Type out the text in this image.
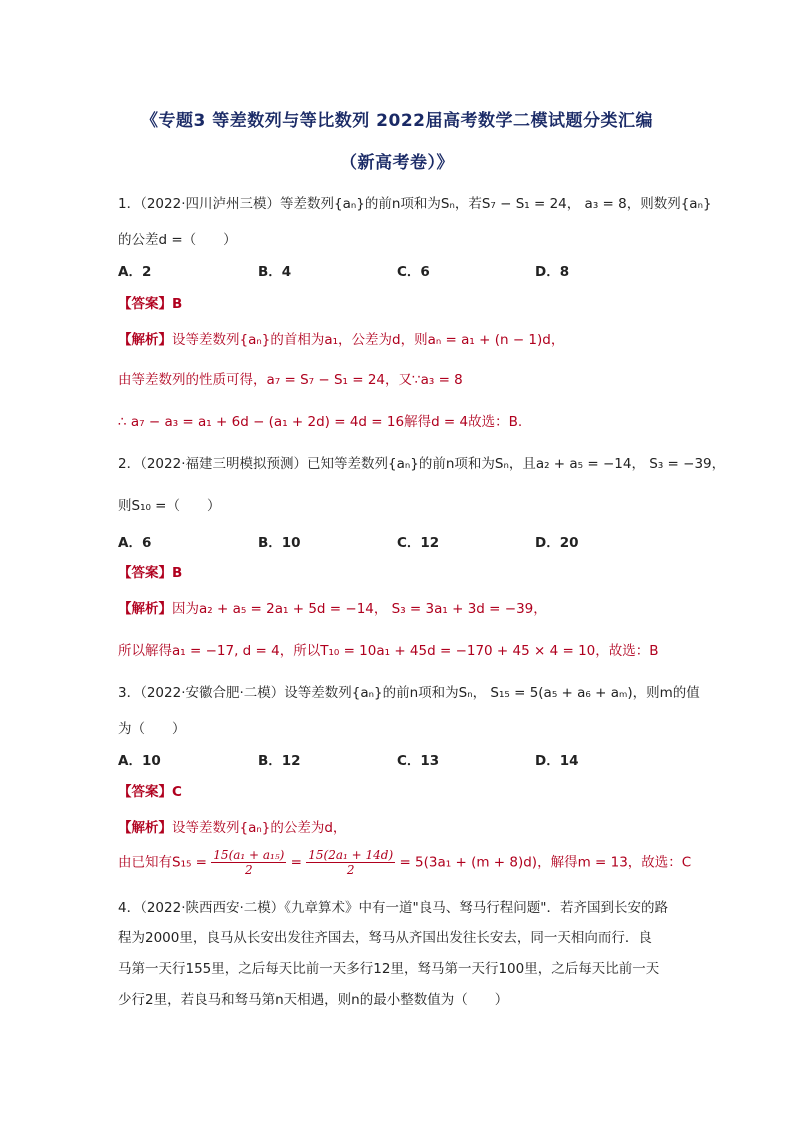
《专题3 等差数列与等比数列 2022届高考数学二模试题分类汇编
（新高考卷）》
1．（2022·四川泸州三模）等差数列{aₙ}的前n项和为Sₙ，若S₇ − S₁ = 24， a₃ = 8，则数列{aₙ}
的公差d =（　　）
A．2	B．4	C．6	D．8
【答案】B
【解析】设等差数列{aₙ}的首相为a₁，公差为d，则aₙ = a₁ + (n − 1)d，
由等差数列的性质可得，a₇ = S₇ − S₁ = 24，又∵a₃ = 8
∴ a₇ − a₃ = a₁ + 6d − (a₁ + 2d) = 4d = 16解得d = 4故选：B.
2．（2022·福建三明模拟预测）已知等差数列{aₙ}的前n项和为Sₙ，且a₂ + a₅ = −14， S₃ = −39，
则S₁₀ =（　　）
A．6	B．10	C．12	D．20
【答案】B
【解析】因为a₂ + a₅ = 2a₁ + 5d = −14， S₃ = 3a₁ + 3d = −39，
所以解得a₁ = −17, d = 4，所以T₁₀ = 10a₁ + 45d = −170 + 45 × 4 = 10，故选：B
3．（2022·安徽合肥·二模）设等差数列{aₙ}的前n项和为Sₙ， S₁₅ = 5(a₅ + a₆ + aₘ)，则m的值
为（　　）
A．10	B．12	C．13	D．14
【答案】C
【解析】设等差数列{aₙ}的公差为d，
由已知有$S_{15} = \frac{\text{15(a₁ + a₁₅)}}{2} = \frac{\text{15(2a₁ + 14d)}}{2} = 5(3a_1 + (m + 8)d)$，解得m = 13，故选：C
4．（2022·陕西西安·二模）《九章算术》中有一道"良马、驽马行程问题"．若齐国到长安的路
程为2000里，良马从长安出发往齐国去，驽马从齐国出发往长安去，同一天相向而行．良
马第一天行155里，之后每天比前一天多行12里，驽马第一天行100里，之后每天比前一天
少行2里，若良马和驽马第n天相遇，则n的最小整数值为（　　）
